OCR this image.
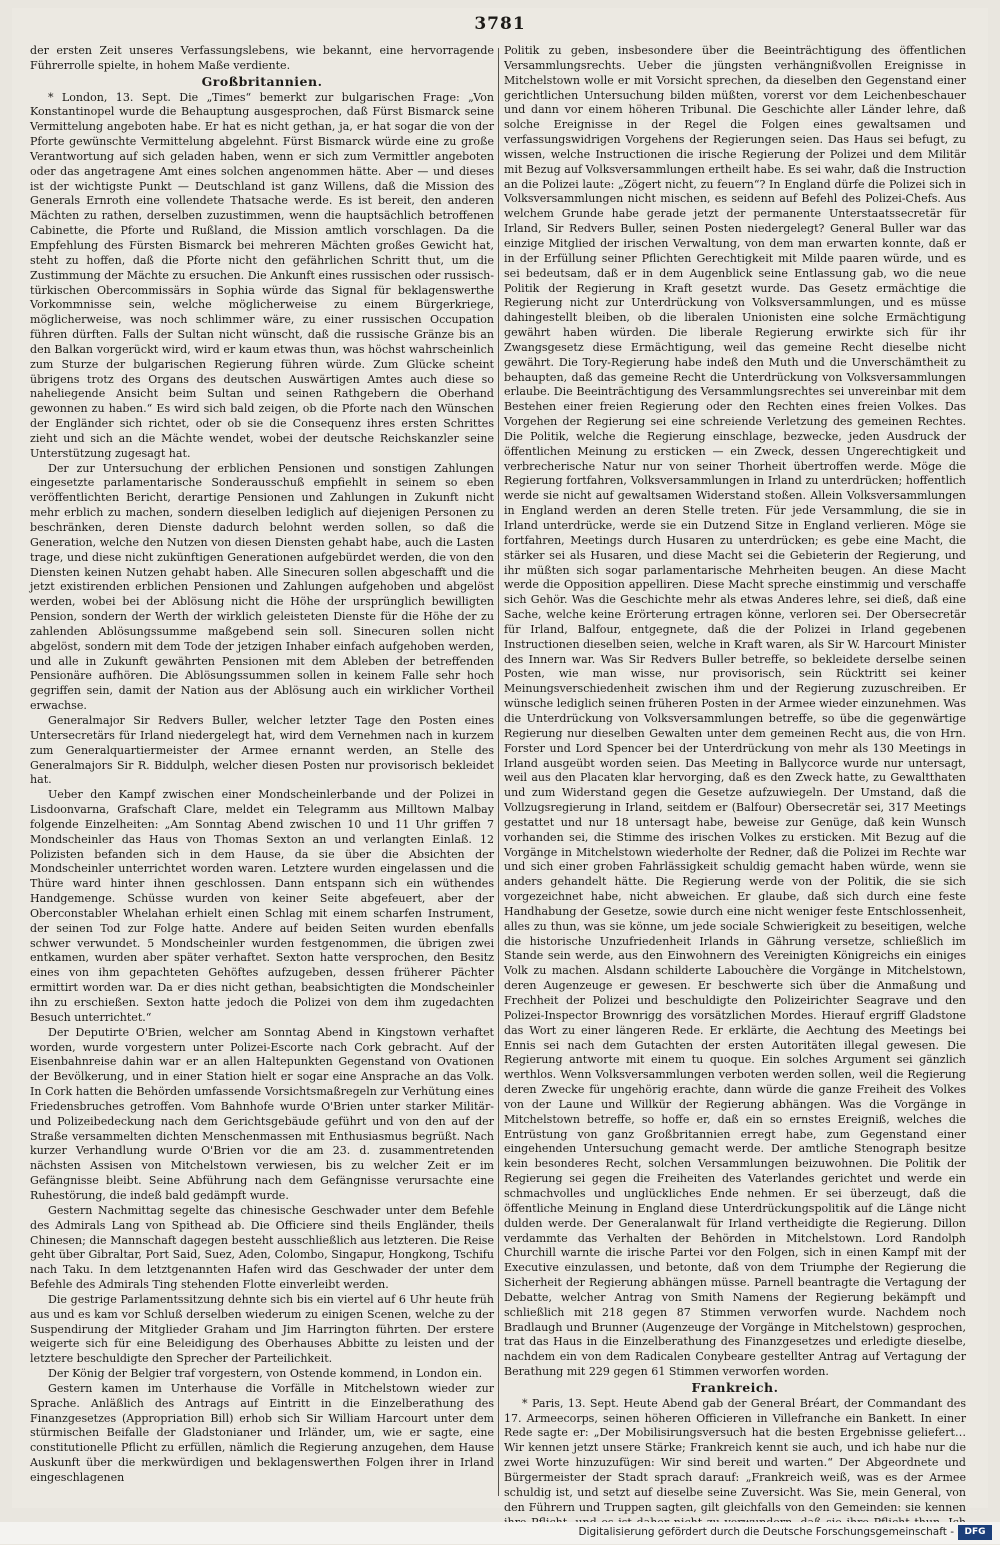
3781

der ersten Zeit unseres Verfassungslebens, wie bekannt, eine hervorragende Führerrolle spielte, in hohem Maße verdiente.

Großbritannien.

* London, 13. Sept. Die „Times“ bemerkt zur bulgarischen Frage: „Von Konstantinopel wurde die Behauptung ausgesprochen, daß Fürst Bismarck seine Vermittelung angeboten habe. Er hat es nicht gethan, ja, er hat sogar die von der Pforte gewünschte Vermittelung abgelehnt. Fürst Bismarck würde eine zu große Verantwortung auf sich geladen haben, wenn er sich zum Vermittler angeboten oder das angetragene Amt eines solchen angenommen hätte. Aber — und dieses ist der wichtigste Punkt — Deutschland ist ganz Willens, daß die Mission des Generals Ernroth eine vollendete Thatsache werde. Es ist bereit, den anderen Mächten zu rathen, derselben zuzustimmen, wenn die hauptsächlich betroffenen Cabinette, die Pforte und Rußland, die Mission amtlich vorschlagen. Da die Empfehlung des Fürsten Bismarck bei mehreren Mächten großes Gewicht hat, steht zu hoffen, daß die Pforte nicht den gefährlichen Schritt thut, um die Zustimmung der Mächte zu ersuchen. Die Ankunft eines russischen oder russisch-türkischen Obercommissärs in Sophia würde das Signal für beklagenswerthe Vorkommnisse sein, welche möglicherweise zu einem Bürgerkriege, möglicherweise, was noch schlimmer wäre, zu einer russischen Occupation führen dürften. Falls der Sultan nicht wünscht, daß die russische Gränze bis an den Balkan vorgerückt wird, wird er kaum etwas thun, was höchst wahrscheinlich zum Sturze der bulgarischen Regierung führen würde. Zum Glücke scheint übrigens trotz des Organs des deutschen Auswärtigen Amtes auch diese so naheliegende Ansicht beim Sultan und seinen Rathgebern die Oberhand gewonnen zu haben.“ Es wird sich bald zeigen, ob die Pforte nach den Wünschen der Engländer sich richtet, oder ob sie die Consequenz ihres ersten Schrittes zieht und sich an die Mächte wendet, wobei der deutsche Reichskanzler seine Unterstützung zugesagt hat.

Der zur Untersuchung der erblichen Pensionen und sonstigen Zahlungen eingesetzte parlamentarische Sonderausschuß empfiehlt in seinem so eben veröffentlichten Bericht, derartige Pensionen und Zahlungen in Zukunft nicht mehr erblich zu machen, sondern dieselben lediglich auf diejenigen Personen zu beschränken, deren Dienste dadurch belohnt werden sollen, so daß die Generation, welche den Nutzen von diesen Diensten gehabt habe, auch die Lasten trage, und diese nicht zukünftigen Generationen aufgebürdet werden, die von den Diensten keinen Nutzen gehabt haben. Alle Sinecuren sollen abgeschafft und die jetzt existirenden erblichen Pensionen und Zahlungen aufgehoben und abgelöst werden, wobei bei der Ablösung nicht die Höhe der ursprünglich bewilligten Pension, sondern der Werth der wirklich geleisteten Dienste für die Höhe der zu zahlenden Ablösungssumme maßgebend sein soll. Sinecuren sollen nicht abgelöst, sondern mit dem Tode der jetzigen Inhaber einfach aufgehoben werden, und alle in Zukunft gewährten Pensionen mit dem Ableben der betreffenden Pensionäre aufhören. Die Ablösungssummen sollen in keinem Falle sehr hoch gegriffen sein, damit der Nation aus der Ablösung auch ein wirklicher Vortheil erwachse.

Generalmajor Sir Redvers Buller, welcher letzter Tage den Posten eines Untersecretärs für Irland niedergelegt hat, wird dem Vernehmen nach in kurzem zum Generalquartiermeister der Armee ernannt werden, an Stelle des Generalmajors Sir R. Biddulph, welcher diesen Posten nur provisorisch bekleidet hat.

Ueber den Kampf zwischen einer Mondscheinlerbande und der Polizei in Lisdoonvarna, Grafschaft Clare, meldet ein Telegramm aus Milltown Malbay folgende Einzelheiten: „Am Sonntag Abend zwischen 10 und 11 Uhr griffen 7 Mondscheinler das Haus von Thomas Sexton an und verlangten Einlaß. 12 Polizisten befanden sich in dem Hause, da sie über die Absichten der Mondscheinler unterrichtet worden waren. Letztere wurden eingelassen und die Thüre ward hinter ihnen geschlossen. Dann entspann sich ein wüthendes Handgemenge. Schüsse wurden von keiner Seite abgefeuert, aber der Oberconstabler Whelahan erhielt einen Schlag mit einem scharfen Instrument, der seinen Tod zur Folge hatte. Andere auf beiden Seiten wurden ebenfalls schwer verwundet. 5 Mondscheinler wurden festgenommen, die übrigen zwei entkamen, wurden aber später verhaftet. Sexton hatte versprochen, den Besitz eines von ihm gepachteten Gehöftes aufzugeben, dessen früherer Pächter ermittirt worden war. Da er dies nicht gethan, beabsichtigten die Mondscheinler ihn zu erschießen. Sexton hatte jedoch die Polizei von dem ihm zugedachten Besuch unterrichtet.“

Der Deputirte O'Brien, welcher am Sonntag Abend in Kingstown verhaftet worden, wurde vorgestern unter Polizei-Escorte nach Cork gebracht. Auf der Eisenbahnreise dahin war er an allen Haltepunkten Gegenstand von Ovationen der Bevölkerung, und in einer Station hielt er sogar eine Ansprache an das Volk. In Cork hatten die Behörden umfassende Vorsichtsmaßregeln zur Verhütung eines Friedensbruches getroffen. Vom Bahnhofe wurde O'Brien unter starker Militär- und Polizeibedeckung nach dem Gerichtsgebäude geführt und von den auf der Straße versammelten dichten Menschenmassen mit Enthusiasmus begrüßt. Nach kurzer Verhandlung wurde O'Brien vor die am 23. d. zusammentretenden nächsten Assisen von Mitchelstown verwiesen, bis zu welcher Zeit er im Gefängnisse bleibt. Seine Abführung nach dem Gefängnisse verursachte eine Ruhestörung, die indeß bald gedämpft wurde.

Gestern Nachmittag segelte das chinesische Geschwader unter dem Befehle des Admirals Lang von Spithead ab. Die Officiere sind theils Engländer, theils Chinesen; die Mannschaft dagegen besteht ausschließlich aus letzteren. Die Reise geht über Gibraltar, Port Said, Suez, Aden, Colombo, Singapur, Hongkong, Tschifu nach Taku. In dem letztgenannten Hafen wird das Geschwader der unter dem Befehle des Admirals Ting stehenden Flotte einverleibt werden.

Die gestrige Parlamentssitzung dehnte sich bis ein viertel auf 6 Uhr heute früh aus und es kam vor Schluß derselben wiederum zu einigen Scenen, welche zu der Suspendirung der Mitglieder Graham und Jim Harrington führten. Der erstere weigerte sich für eine Beleidigung des Oberhauses Abbitte zu leisten und der letztere beschuldigte den Sprecher der Parteilichkeit.

Der König der Belgier traf vorgestern, von Ostende kommend, in London ein.

Gestern kamen im Unterhause die Vorfälle in Mitchelstown wieder zur Sprache. Anläßlich des Antrags auf Eintritt in die Einzelberathung des Finanzgesetzes (Appropriation Bill) erhob sich Sir William Harcourt unter dem stürmischen Beifalle der Gladstonianer und Irländer, um, wie er sagte, eine constitutionelle Pflicht zu erfüllen, nämlich die Regierung anzugehen, dem Hause Auskunft über die merkwürdigen und beklagenswerthen Folgen ihrer in Irland eingeschlagenen

Politik zu geben, insbesondere über die Beeinträchtigung des öffentlichen Versammlungsrechts. Ueber die jüngsten verhängnißvollen Ereignisse in Mitchelstown wolle er mit Vorsicht sprechen, da dieselben den Gegenstand einer gerichtlichen Untersuchung bilden müßten, vorerst vor dem Leichenbeschauer und dann vor einem höheren Tribunal. Die Geschichte aller Länder lehre, daß solche Ereignisse in der Regel die Folgen eines gewaltsamen und verfassungswidrigen Vorgehens der Regierungen seien. Das Haus sei befugt, zu wissen, welche Instructionen die irische Regierung der Polizei und dem Militär mit Bezug auf Volksversammlungen ertheilt habe. Es sei wahr, daß die Instruction an die Polizei laute: „Zögert nicht, zu feuern“? In England dürfe die Polizei sich in Volksversammlungen nicht mischen, es seidenn auf Befehl des Polizei-Chefs. Aus welchem Grunde habe gerade jetzt der permanente Unterstaatssecretär für Irland, Sir Redvers Buller, seinen Posten niedergelegt? General Buller war das einzige Mitglied der irischen Verwaltung, von dem man erwarten konnte, daß er in der Erfüllung seiner Pflichten Gerechtigkeit mit Milde paaren würde, und es sei bedeutsam, daß er in dem Augenblick seine Entlassung gab, wo die neue Politik der Regierung in Kraft gesetzt wurde. Das Gesetz ermächtige die Regierung nicht zur Unterdrückung von Volksversammlungen, und es müsse dahingestellt bleiben, ob die liberalen Unionisten eine solche Ermächtigung gewährt haben würden. Die liberale Regierung erwirkte sich für ihr Zwangsgesetz diese Ermächtigung, weil das gemeine Recht dieselbe nicht gewährt. Die Tory-Regierung habe indeß den Muth und die Unverschämtheit zu behaupten, daß das gemeine Recht die Unterdrückung von Volksversammlungen erlaube. Die Beeinträchtigung des Versammlungsrechtes sei unvereinbar mit dem Bestehen einer freien Regierung oder den Rechten eines freien Volkes. Das Vorgehen der Regierung sei eine schreiende Verletzung des gemeinen Rechtes. Die Politik, welche die Regierung einschlage, bezwecke, jeden Ausdruck der öffentlichen Meinung zu ersticken — ein Zweck, dessen Ungerechtigkeit und verbrecherische Natur nur von seiner Thorheit übertroffen werde. Möge die Regierung fortfahren, Volksversammlungen in Irland zu unterdrücken; hoffentlich werde sie nicht auf gewaltsamen Widerstand stoßen. Allein Volksversammlungen in England werden an deren Stelle treten. Für jede Versammlung, die sie in Irland unterdrücke, werde sie ein Dutzend Sitze in England verlieren. Möge sie fortfahren, Meetings durch Husaren zu unterdrücken; es gebe eine Macht, die stärker sei als Husaren, und diese Macht sei die Gebieterin der Regierung, und ihr müßten sich sogar parlamentarische Mehrheiten beugen. An diese Macht werde die Opposition appelliren. Diese Macht spreche einstimmig und verschaffe sich Gehör. Was die Geschichte mehr als etwas Anderes lehre, sei dieß, daß eine Sache, welche keine Erörterung ertragen könne, verloren sei. Der Obersecretär für Irland, Balfour, entgegnete, daß die der Polizei in Irland gegebenen Instructionen dieselben seien, welche in Kraft waren, als Sir W. Harcourt Minister des Innern war. Was Sir Redvers Buller betreffe, so bekleidete derselbe seinen Posten, wie man wisse, nur provisorisch, sein Rücktritt sei keiner Meinungsverschiedenheit zwischen ihm und der Regierung zuzuschreiben. Er wünsche lediglich seinen früheren Posten in der Armee wieder einzunehmen. Was die Unterdrückung von Volksversammlungen betreffe, so übe die gegenwärtige Regierung nur dieselben Gewalten unter dem gemeinen Recht aus, die von Hrn. Forster und Lord Spencer bei der Unterdrückung von mehr als 130 Meetings in Irland ausgeübt worden seien. Das Meeting in Ballycorce wurde nur untersagt, weil aus den Placaten klar hervorging, daß es den Zweck hatte, zu Gewaltthaten und zum Widerstand gegen die Gesetze aufzuwiegeln. Der Umstand, daß die Vollzugsregierung in Irland, seitdem er (Balfour) Obersecretär sei, 317 Meetings gestattet und nur 18 untersagt habe, beweise zur Genüge, daß kein Wunsch vorhanden sei, die Stimme des irischen Volkes zu ersticken. Mit Bezug auf die Vorgänge in Mitchelstown wiederholte der Redner, daß die Polizei im Rechte war und sich einer groben Fahrlässigkeit schuldig gemacht haben würde, wenn sie anders gehandelt hätte. Die Regierung werde von der Politik, die sie sich vorgezeichnet habe, nicht abweichen. Er glaube, daß sich durch eine feste Handhabung der Gesetze, sowie durch eine nicht weniger feste Entschlossenheit, alles zu thun, was sie könne, um jede sociale Schwierigkeit zu beseitigen, welche die historische Unzufriedenheit Irlands in Gährung versetze, schließlich im Stande sein werde, aus den Einwohnern des Vereinigten Königreichs ein einiges Volk zu machen. Alsdann schilderte Labouchère die Vorgänge in Mitchelstown, deren Augenzeuge er gewesen. Er beschwerte sich über die Anmaßung und Frechheit der Polizei und beschuldigte den Polizeirichter Seagrave und den Polizei-Inspector Brownrigg des vorsätzlichen Mordes. Hierauf ergriff Gladstone das Wort zu einer längeren Rede. Er erklärte, die Aechtung des Meetings bei Ennis sei nach dem Gutachten der ersten Autoritäten illegal gewesen. Die Regierung antworte mit einem tu quoque. Ein solches Argument sei gänzlich werthlos. Wenn Volksversammlungen verboten werden sollen, weil die Regierung deren Zwecke für ungehörig erachte, dann würde die ganze Freiheit des Volkes von der Laune und Willkür der Regierung abhängen. Was die Vorgänge in Mitchelstown betreffe, so hoffe er, daß ein so ernstes Ereigniß, welches die Entrüstung von ganz Großbritannien erregt habe, zum Gegenstand einer eingehenden Untersuchung gemacht werde. Der amtliche Stenograph besitze kein besonderes Recht, solchen Versammlungen beizuwohnen. Die Politik der Regierung sei gegen die Freiheiten des Vaterlandes gerichtet und werde ein schmachvolles und unglückliches Ende nehmen. Er sei überzeugt, daß die öffentliche Meinung in England diese Unterdrückungspolitik auf die Länge nicht dulden werde. Der Generalanwalt für Irland vertheidigte die Regierung. Dillon verdammte das Verhalten der Behörden in Mitchelstown. Lord Randolph Churchill warnte die irische Partei vor den Folgen, sich in einen Kampf mit der Executive einzulassen, und betonte, daß von dem Triumphe der Regierung die Sicherheit der Regierung abhängen müsse. Parnell beantragte die Vertagung der Debatte, welcher Antrag von Smith Namens der Regierung bekämpft und schließlich mit 218 gegen 87 Stimmen verworfen wurde. Nachdem noch Bradlaugh und Brunner (Augenzeuge der Vorgänge in Mitchelstown) gesprochen, trat das Haus in die Einzelberathung des Finanzgesetzes und erledigte dieselbe, nachdem ein von dem Radicalen Conybeare gestellter Antrag auf Vertagung der Berathung mit 229 gegen 61 Stimmen verworfen worden.

Frankreich.

* Paris, 13. Sept. Heute Abend gab der General Bréart, der Commandant des 17. Armeecorps, seinen höheren Officieren in Villefranche ein Bankett. In einer Rede sagte er: „Der Mobilisirungsversuch hat die besten Ergebnisse geliefert… Wir kennen jetzt unsere Stärke; Frankreich kennt sie auch, und ich habe nur die zwei Worte hinzuzufügen: Wir sind bereit und warten.“ Der Abgeordnete und Bürgermeister der Stadt sprach darauf: „Frankreich weiß, was es der Armee schuldig ist, und setzt auf dieselbe seine Zuversicht. Was Sie, mein General, von den Führern und Truppen sagten, gilt gleichfalls von den Gemeinden: sie kennen

Digitalisierung gefördert durch die Deutsche Forschungsgemeinschaft -	DFG
